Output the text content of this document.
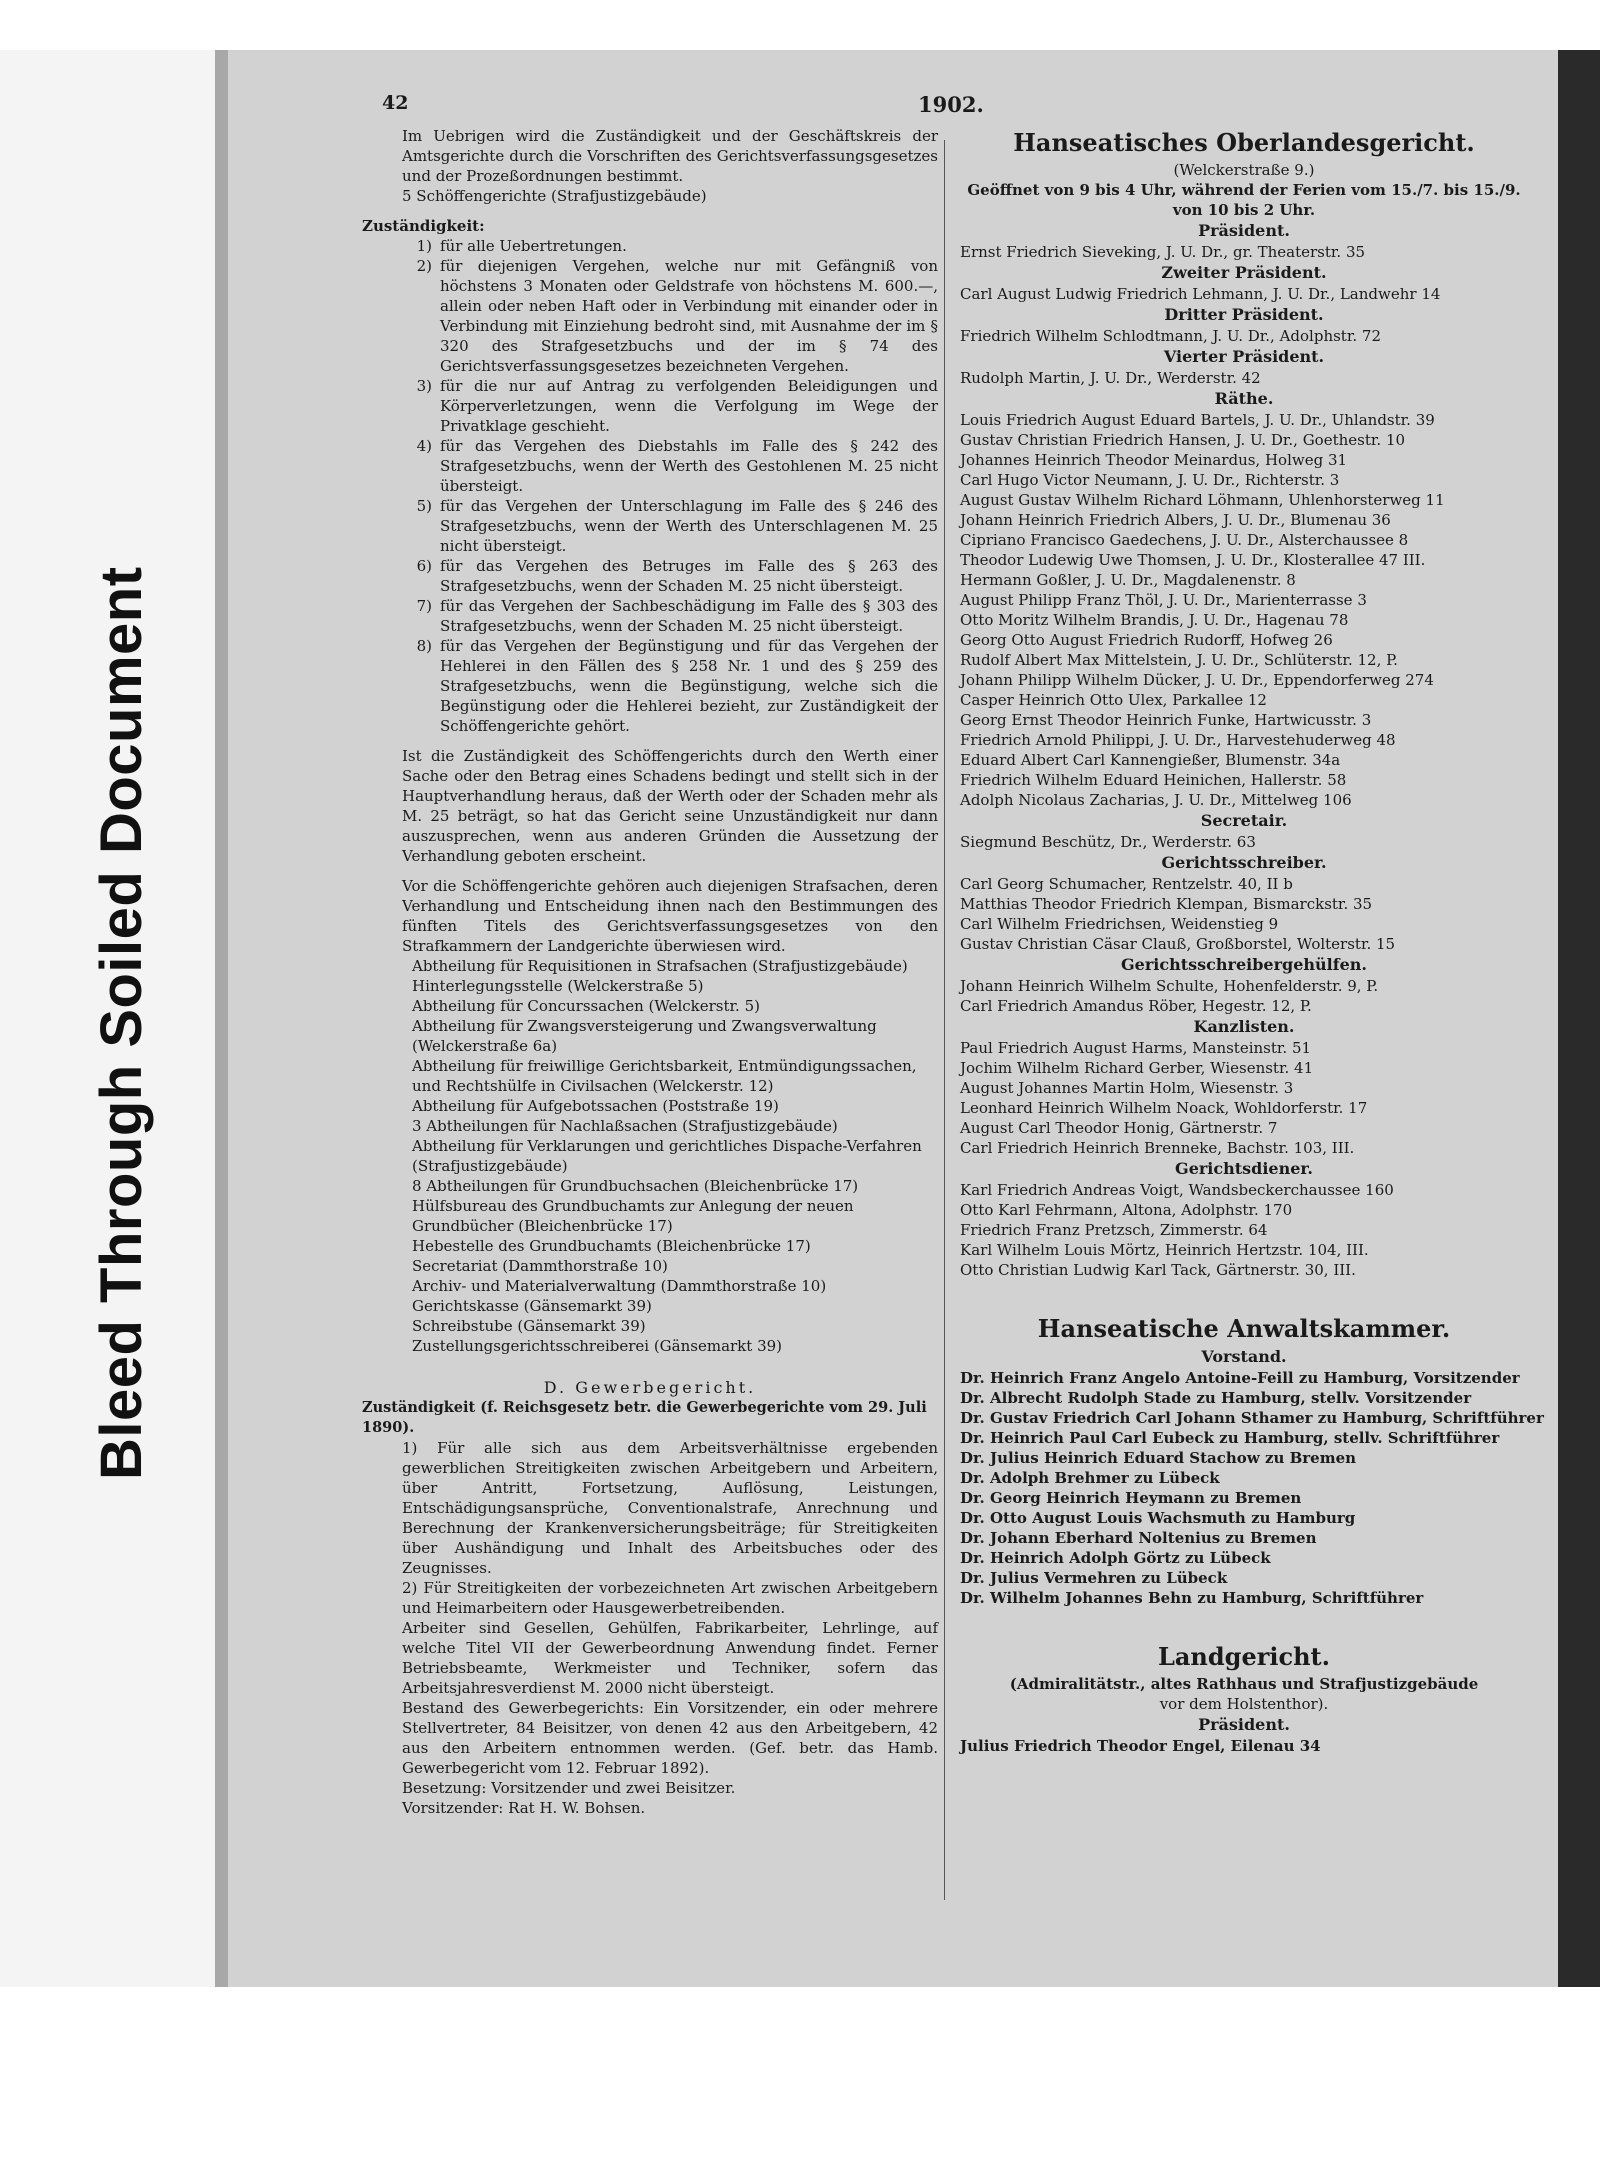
42	1902.

Im Uebrigen wird die Zuständigkeit und der Geschäftskreis der Amtsgerichte durch die Vorschriften des Gerichtsverfassungsgesetzes und der Prozeßordnungen bestimmt.

5 Schöffengerichte (Strafjustizgebäude)

Zuständigkeit:

1) für alle Uebertretungen.

2) für diejenigen Vergehen, welche nur mit Gefängniß von höchstens 3 Monaten oder Geldstrafe von höchstens M. 600.—, allein oder neben Haft oder in Verbindung mit einander oder in Verbindung mit Einziehung bedroht sind, mit Ausnahme der im § 320 des Strafgesetzbuchs und der im § 74 des Gerichtsverfassungsgesetzes bezeichneten Vergehen.

3) für die nur auf Antrag zu verfolgenden Beleidigungen und Körperverletzungen, wenn die Verfolgung im Wege der Privatklage geschieht.

4) für das Vergehen des Diebstahls im Falle des § 242 des Strafgesetzbuchs, wenn der Werth des Gestohlenen M. 25 nicht übersteigt.

5) für das Vergehen der Unterschlagung im Falle des § 246 des Strafgesetzbuchs, wenn der Werth des Unterschlagenen M. 25 nicht übersteigt.

6) für das Vergehen des Betruges im Falle des § 263 des Strafgesetzbuchs, wenn der Schaden M. 25 nicht übersteigt.

7) für das Vergehen der Sachbeschädigung im Falle des § 303 des Strafgesetzbuchs, wenn der Schaden M. 25 nicht übersteigt.

8) für das Vergehen der Begünstigung und für das Vergehen der Hehlerei in den Fällen des § 258 Nr. 1 und des § 259 des Strafgesetzbuchs, wenn die Begünstigung, welche sich die Begünstigung oder die Hehlerei bezieht, zur Zuständigkeit der Schöffengerichte gehört.

Ist die Zuständigkeit des Schöffengerichts durch den Werth einer Sache oder den Betrag eines Schadens bedingt und stellt sich in der Hauptverhandlung heraus, daß der Werth oder der Schaden mehr als M. 25 beträgt, so hat das Gericht seine Unzuständigkeit nur dann auszusprechen, wenn aus anderen Gründen die Aussetzung der Verhandlung geboten erscheint.

Vor die Schöffengerichte gehören auch diejenigen Strafsachen, deren Verhandlung und Entscheidung ihnen nach den Bestimmungen des fünften Titels des Gerichtsverfassungsgesetzes von den Strafkammern der Landgerichte überwiesen wird.

Abtheilung für Requisitionen in Strafsachen (Strafjustizgebäude)

Hinterlegungsstelle (Welckerstraße 5)

Abtheilung für Concurssachen (Welckerstr. 5)

Abtheilung für Zwangsversteigerung und Zwangsverwaltung (Welckerstraße 6a)

Abtheilung für freiwillige Gerichtsbarkeit, Entmündigungssachen, und Rechtshülfe in Civilsachen (Welckerstr. 12)

Abtheilung für Aufgebotssachen (Poststraße 19)

3 Abtheilungen für Nachlaßsachen (Strafjustizgebäude)

Abtheilung für Verklarungen und gerichtliches Dispache-Verfahren (Strafjustizgebäude)

8 Abtheilungen für Grundbuchsachen (Bleichenbrücke 17)

Hülfsbureau des Grundbuchamts zur Anlegung der neuen Grundbücher (Bleichenbrücke 17)

Hebestelle des Grundbuchamts (Bleichenbrücke 17)

Secretariat (Dammthorstraße 10)

Archiv- und Materialverwaltung (Dammthorstraße 10)

Gerichtskasse (Gänsemarkt 39)

Schreibstube (Gänsemarkt 39)

Zustellungsgerichtsschreiberei (Gänsemarkt 39)

D. Gewerbegericht.

Zuständigkeit (f. Reichsgesetz betr. die Gewerbegerichte vom 29. Juli 1890).

1) Für alle sich aus dem Arbeitsverhältnisse ergebenden gewerblichen Streitigkeiten zwischen Arbeitgebern und Arbeitern, über Antritt, Fortsetzung, Auflösung, Leistungen, Entschädigungsansprüche, Conventionalstrafe, Anrechnung und Berechnung der Krankenversicherungsbeiträge; für Streitigkeiten über Aushändigung und Inhalt des Arbeitsbuches oder des Zeugnisses.

2) Für Streitigkeiten der vorbezeichneten Art zwischen Arbeitgebern und Heimarbeitern oder Hausgewerbetreibenden.

Arbeiter sind Gesellen, Gehülfen, Fabrikarbeiter, Lehrlinge, auf welche Titel VII der Gewerbeordnung Anwendung findet. Ferner Betriebsbeamte, Werkmeister und Techniker, sofern das Arbeitsjahresverdienst M. 2000 nicht übersteigt.

Bestand des Gewerbegerichts: Ein Vorsitzender, ein oder mehrere Stellvertreter, 84 Beisitzer, von denen 42 aus den Arbeitgebern, 42 aus den Arbeitern entnommen werden. (Gef. betr. das Hamb. Gewerbegericht vom 12. Februar 1892).

Besetzung: Vorsitzender und zwei Beisitzer.

Vorsitzender: Rat H. W. Bohsen.

Hanseatisches Oberlandesgericht.

(Welckerstraße 9.)

Geöffnet von 9 bis 4 Uhr, während der Ferien vom 15./7. bis 15./9. von 10 bis 2 Uhr.

Präsident.

Ernst Friedrich Sieveking, J. U. Dr., gr. Theaterstr. 35

Zweiter Präsident.

Carl August Ludwig Friedrich Lehmann, J. U. Dr., Landwehr 14

Dritter Präsident.

Friedrich Wilhelm Schlodtmann, J. U. Dr., Adolphstr. 72

Vierter Präsident.

Rudolph Martin, J. U. Dr., Werderstr. 42

Räthe.

Louis Friedrich August Eduard Bartels, J. U. Dr., Uhlandstr. 39

Gustav Christian Friedrich Hansen, J. U. Dr., Goethestr. 10

Johannes Heinrich Theodor Meinardus, Holweg 31

Carl Hugo Victor Neumann, J. U. Dr., Richterstr. 3

August Gustav Wilhelm Richard Löhmann, Uhlenhorsterweg 11

Johann Heinrich Friedrich Albers, J. U. Dr., Blumenau 36

Cipriano Francisco Gaedechens, J. U. Dr., Alsterchaussee 8

Theodor Ludewig Uwe Thomsen, J. U. Dr., Klosterallee 47 III.

Hermann Goßler, J. U. Dr., Magdalenenstr. 8

August Philipp Franz Thöl, J. U. Dr., Marienterrasse 3

Otto Moritz Wilhelm Brandis, J. U. Dr., Hagenau 78

Georg Otto August Friedrich Rudorff, Hofweg 26

Rudolf Albert Max Mittelstein, J. U. Dr., Schlüterstr. 12, P.

Johann Philipp Wilhelm Dücker, J. U. Dr., Eppendorferweg 274

Casper Heinrich Otto Ulex, Parkallee 12

Georg Ernst Theodor Heinrich Funke, Hartwicusstr. 3

Friedrich Arnold Philippi, J. U. Dr., Harvestehuderweg 48

Eduard Albert Carl Kannengießer, Blumenstr. 34a

Friedrich Wilhelm Eduard Heinichen, Hallerstr. 58

Adolph Nicolaus Zacharias, J. U. Dr., Mittelweg 106

Secretair.

Siegmund Beschütz, Dr., Werderstr. 63

Gerichtsschreiber.

Carl Georg Schumacher, Rentzelstr. 40, II b

Matthias Theodor Friedrich Klempan, Bismarckstr. 35

Carl Wilhelm Friedrichsen, Weidenstieg 9

Gustav Christian Cäsar Clauß, Großborstel, Wolterstr. 15

Gerichtsschreibergehülfen.

Johann Heinrich Wilhelm Schulte, Hohenfelderstr. 9, P.

Carl Friedrich Amandus Röber, Hegestr. 12, P.

Kanzlisten.

Paul Friedrich August Harms, Mansteinstr. 51

Jochim Wilhelm Richard Gerber, Wiesenstr. 41

August Johannes Martin Holm, Wiesenstr. 3

Leonhard Heinrich Wilhelm Noack, Wohldorferstr. 17

August Carl Theodor Honig, Gärtnerstr. 7

Carl Friedrich Heinrich Brenneke, Bachstr. 103, III.

Gerichtsdiener.

Karl Friedrich Andreas Voigt, Wandsbeckerchaussee 160

Otto Karl Fehrmann, Altona, Adolphstr. 170

Friedrich Franz Pretzsch, Zimmerstr. 64

Karl Wilhelm Louis Mörtz, Heinrich Hertzstr. 104, III.

Otto Christian Ludwig Karl Tack, Gärtnerstr. 30, III.

Hanseatische Anwaltskammer.

Vorstand.

Dr. Heinrich Franz Angelo Antoine-Feill zu Hamburg, Vorsitzender

Dr. Albrecht Rudolph Stade zu Hamburg, stellv. Vorsitzender

Dr. Gustav Friedrich Carl Johann Sthamer zu Hamburg, Schriftführer

Dr. Heinrich Paul Carl Eubeck zu Hamburg, stellv. Schriftführer

Dr. Julius Heinrich Eduard Stachow zu Bremen

Dr. Adolph Brehmer zu Lübeck

Dr. Georg Heinrich Heymann zu Bremen

Dr. Otto August Louis Wachsmuth zu Hamburg

Dr. Johann Eberhard Noltenius zu Bremen

Dr. Heinrich Adolph Görtz zu Lübeck

Dr. Julius Vermehren zu Lübeck

Dr. Wilhelm Johannes Behn zu Hamburg, Schriftführer

Landgericht.

(Admiralitätstr., altes Rathhaus und Strafjustizgebäude

vor dem Holstenthor).

Präsident.

Julius Friedrich Theodor Engel, Eilenau 34
